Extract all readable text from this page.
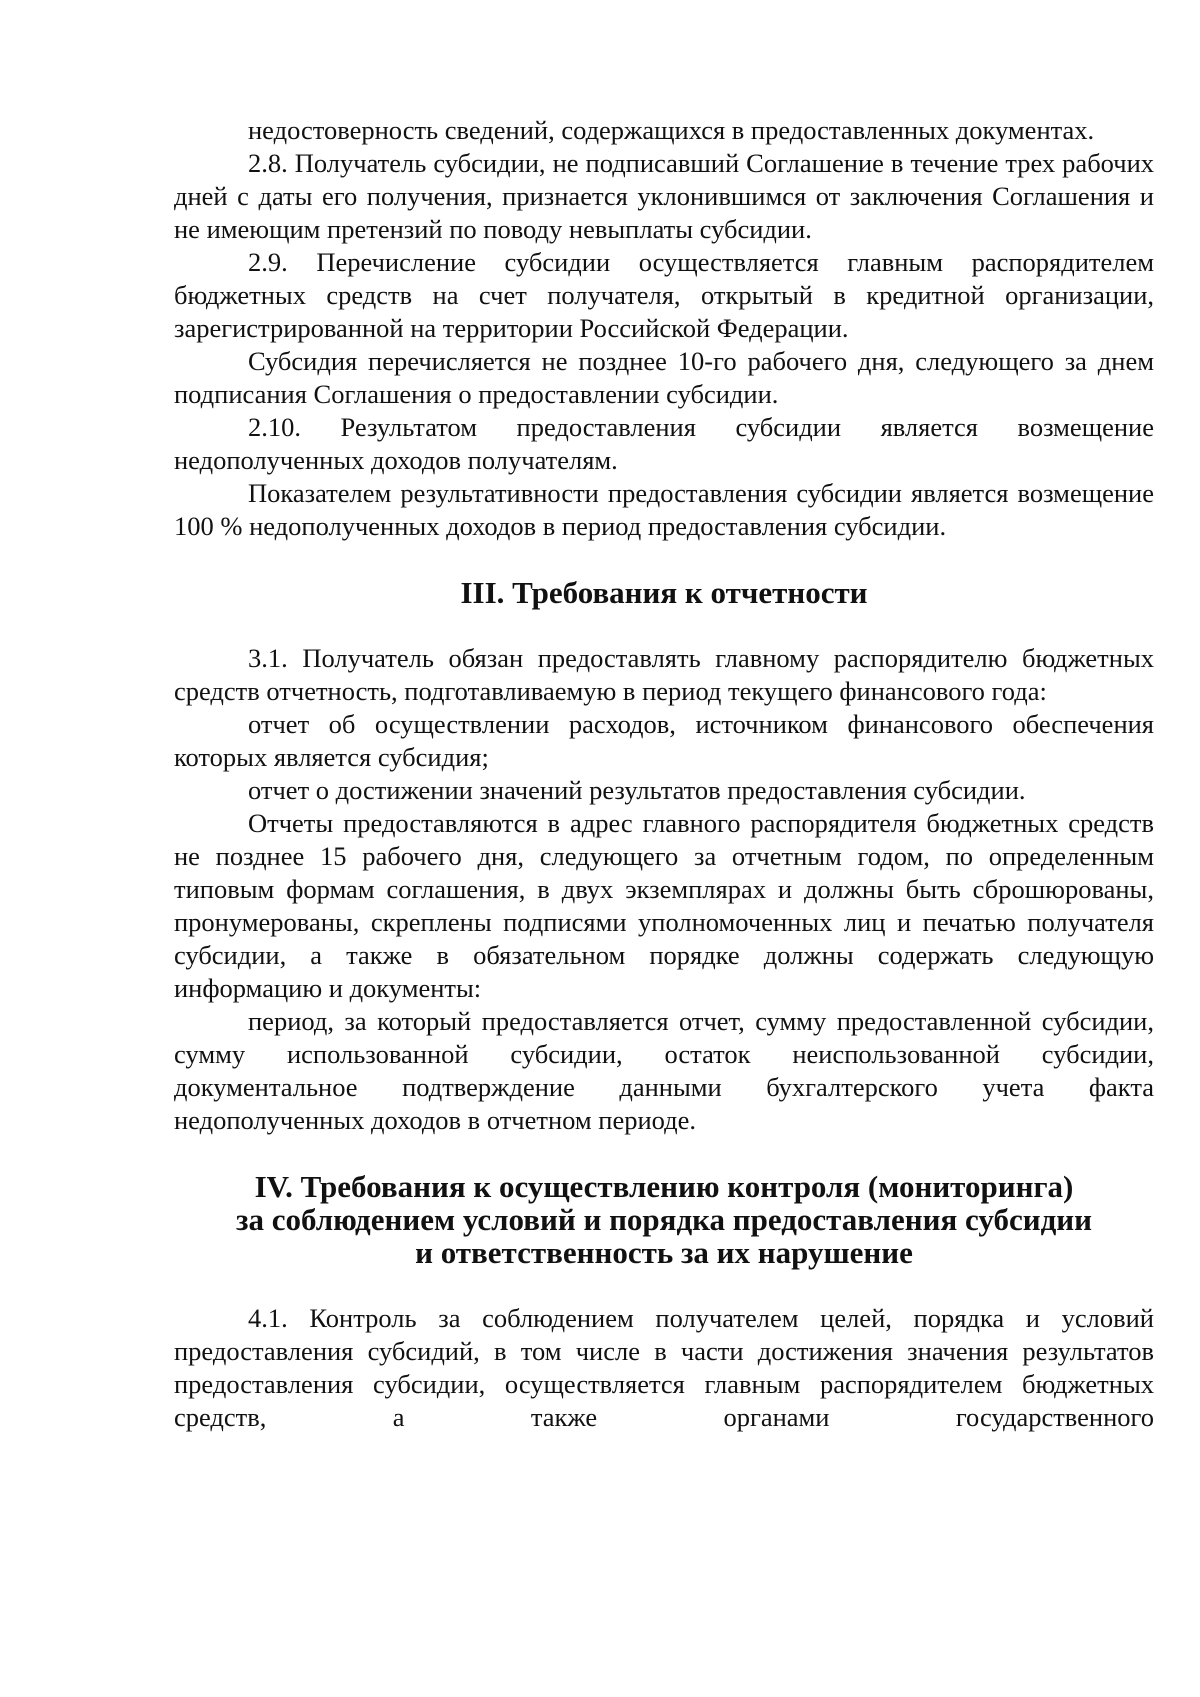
недостоверность сведений, содержащихся в предоставленных документах.

2.8. Получатель субсидии, не подписавший Соглашение в течение трех рабочих дней с даты его получения, признается уклонившимся от заключения Соглашения и не имеющим претензий по поводу невыплаты субсидии.

2.9. Перечисление субсидии осуществляется главным распорядителем бюджетных средств на счет получателя, открытый в кредитной организации, зарегистрированной на территории Российской Федерации.

Субсидия перечисляется не позднее 10-го рабочего дня, следующего за днем подписания Соглашения о предоставлении субсидии.

2.10. Результатом предоставления субсидии является возмещение недополученных доходов получателям.

Показателем результативности предоставления субсидии является возмещение 100 % недополученных доходов в период предоставления субсидии.

III. Требования к отчетности

3.1. Получатель обязан предоставлять главному распорядителю бюджетных средств отчетность, подготавливаемую в период текущего финансового года:

отчет об осуществлении расходов, источником финансового обеспечения которых является субсидия;

отчет о достижении значений результатов предоставления субсидии.

Отчеты предоставляются в адрес главного распорядителя бюджетных средств не позднее 15 рабочего дня, следующего за отчетным годом, по определенным типовым формам соглашения, в двух экземплярах и должны быть сброшюрованы, пронумерованы, скреплены подписями уполномоченных лиц и печатью получателя субсидии, а также в обязательном порядке должны содержать следующую информацию и документы:

период, за который предоставляется отчет, сумму предоставленной субсидии, сумму использованной субсидии, остаток неиспользованной субсидии, документальное подтверждение данными бухгалтерского учета факта недополученных доходов в отчетном периоде.

IV. Требования к осуществлению контроля (мониторинга)
за соблюдением условий и порядка предоставления субсидии
и ответственность за их нарушение

4.1. Контроль за соблюдением получателем целей, порядка и условий предоставления субсидий, в том числе в части достижения значения результатов предоставления субсидии, осуществляется главным распорядителем бюджетных средств, а также органами государственного
